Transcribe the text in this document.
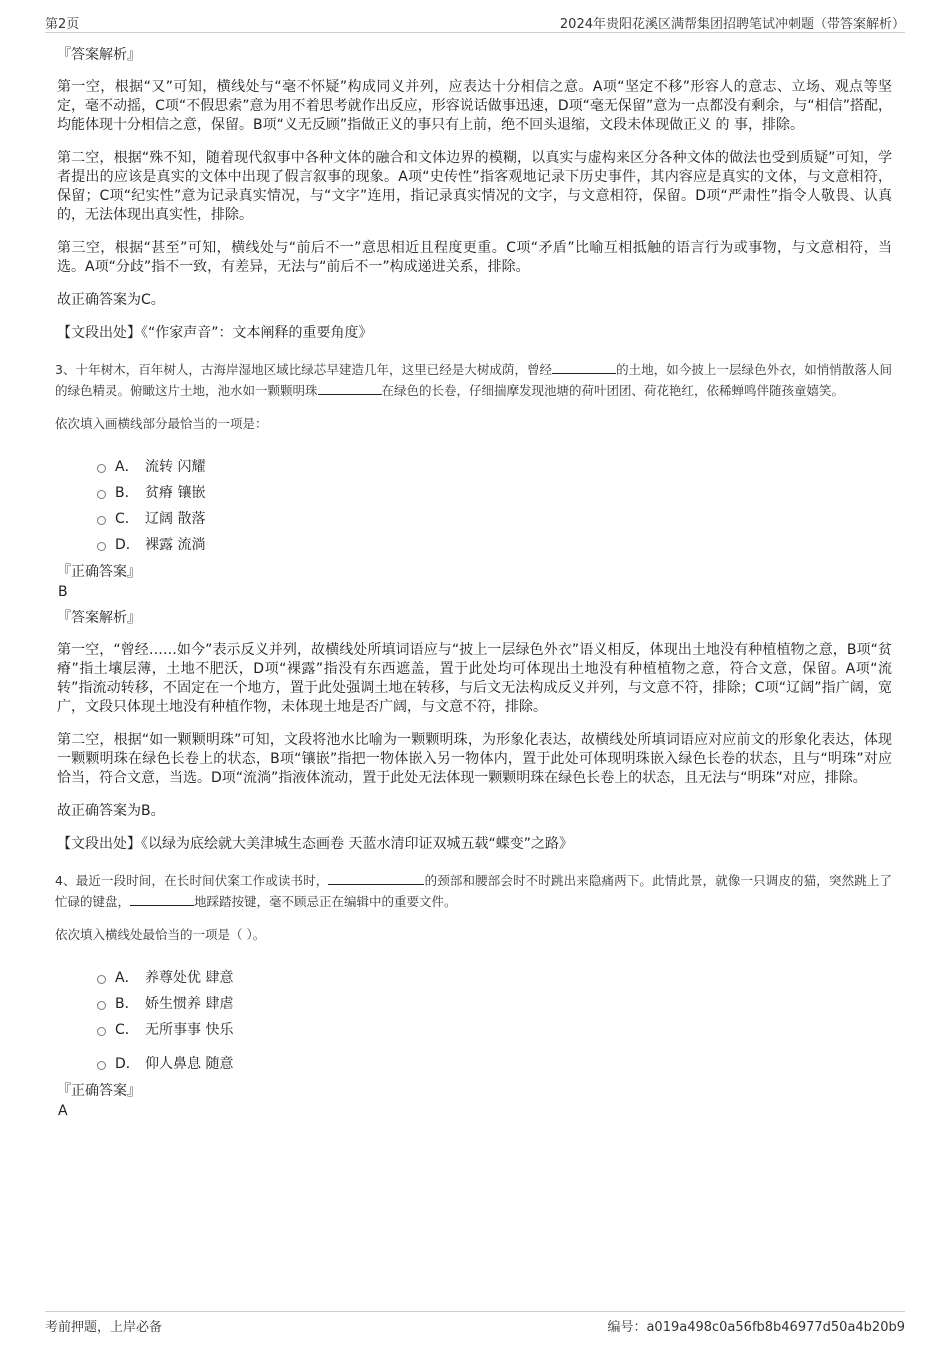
第2页	2024年贵阳花溪区满帮集团招聘笔试冲刺题（带答案解析）
『答案解析』

第一空，根据“又”可知，横线处与“毫不怀疑”构成同义并列，应表达十分相信之意。A项“坚定不移”形容人的意志、立场、观点等坚定，毫不动摇，C项“不假思索”意为用不着思考就作出反应，形容说话做事迅速，D项“毫无保留”意为一点都没有剩余，与“相信”搭配，均能体现十分相信之意，保留。B项“义无反顾”指做正义的事只有上前，绝不回头退缩，文段未体现做正义 的 事，排除。

第二空，根据“殊不知，随着现代叙事中各种文体的融合和文体边界的模糊，以真实与虚构来区分各种文体的做法也受到质疑”可知，学者提出的应该是真实的文体中出现了假言叙事的现象。A项“史传性”指客观地记录下历史事件，其内容应是真实的文体，与文意相符，保留；C项“纪实性”意为记录真实情况，与“文字”连用，指记录真实情况的文字，与文意相符，保留。D项“严肃性”指令人敬畏、认真的，无法体现出真实性，排除。

第三空，根据“甚至”可知，横线处与“前后不一”意思相近且程度更重。C项“矛盾”比喻互相抵触的语言行为或事物，与文意相符，当选。A项“分歧”指不一致，有差异，无法与“前后不一”构成递进关系，排除。

故正确答案为C。

【文段出处】《“作家声音”：文本阐释的重要角度》
3、十年树木，百年树人，古海岸湿地区域比绿芯早建造几年，这里已经是大树成荫，曾经	的土地，如今披上一层绿色外衣，如悄悄散落人间的绿色精灵。俯瞰这片土地，池水如一颗颗明珠	在绿色的长卷，仔细揣摩发现池塘的荷叶团团、荷花艳红，依稀蝉鸣伴随孩童嬉笑。
依次填入画横线部分最恰当的一项是：
A． 流转 闪耀
B． 贫瘠 镶嵌
C． 辽阔 散落
D． 裸露 流淌
『正确答案』
B
『答案解析』

第一空，“曾经……如今”表示反义并列，故横线处所填词语应与“披上一层绿色外衣”语义相反，体现出土地没有种植植物之意，B项“贫瘠”指土壤层薄，土地不肥沃，D项“裸露”指没有东西遮盖，置于此处均可体现出土地没有种植植物之意，符合文意，保留。A项“流转”指流动转移，不固定在一个地方，置于此处强调土地在转移，与后文无法构成反义并列，与文意不符，排除；C项“辽阔”指广阔，宽广，文段只体现土地没有种植作物，未体现土地是否广阔，与文意不符，排除。

第二空，根据“如一颗颗明珠”可知，文段将池水比喻为一颗颗明珠，为形象化表达，故横线处所填词语应对应前文的形象化表达，体现一颗颗明珠在绿色长卷上的状态，B项“镶嵌”指把一物体嵌入另一物体内，置于此处可体现明珠嵌入绿色长卷的状态，且与“明珠”对应恰当，符合文意，当选。D项“流淌”指液体流动，置于此处无法体现一颗颗明珠在绿色长卷上的状态，且无法与“明珠”对应，排除。

故正确答案为B。

【文段出处】《以绿为底绘就大美津城生态画卷 天蓝水清印证双城五载“蝶变”之路》
4、最近一段时间，在长时间伏案工作或读书时，	的颈部和腰部会时不时跳出来隐痛两下。此情此景，就像一只调皮的猫，突然跳上了忙碌的键盘，	地踩踏按键，毫不顾忌正在编辑中的重要文件。
依次填入横线处最恰当的一项是（ ）。
A． 养尊处优 肆意
B． 娇生惯养 肆虐
C． 无所事事 快乐
D． 仰人鼻息 随意
『正确答案』
A
考前押题，上岸必备	编号：a019a498c0a56fb8b46977d50a4b20b9
